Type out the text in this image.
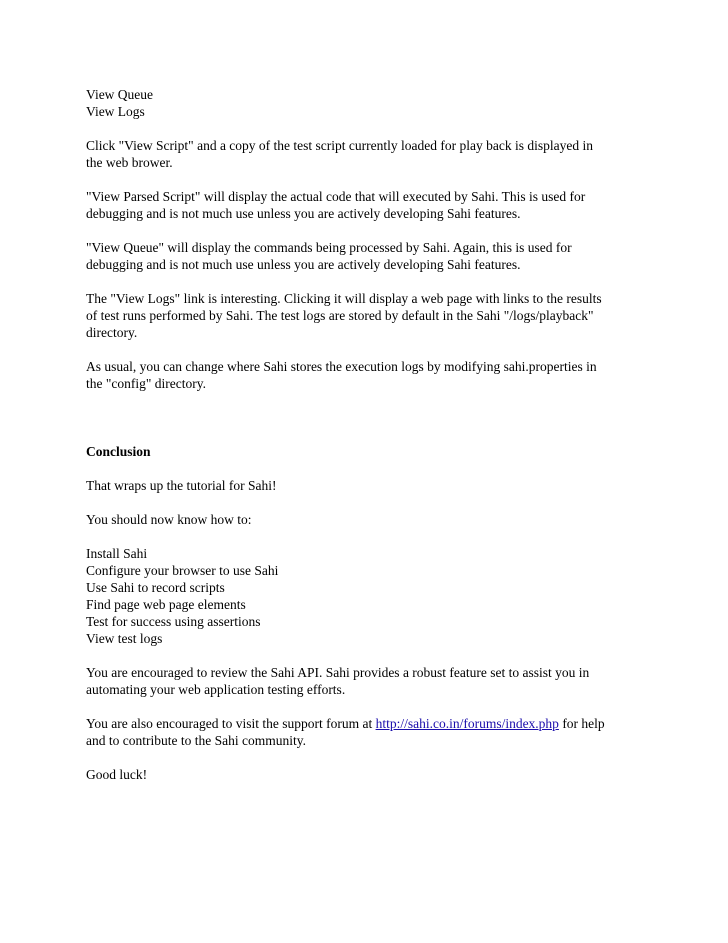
View Queue
View Logs
Click "View Script" and a copy of the test script currently loaded for play back is displayed in
the web brower.
"View Parsed Script" will display the actual code that will executed by Sahi. This is used for
debugging and is not much use unless you are actively developing Sahi features.
"View Queue" will display the commands being processed by Sahi. Again, this is used for
debugging and is not much use unless you are actively developing Sahi features.
The "View Logs" link is interesting. Clicking it will display a web page with links to the results
of test runs performed by Sahi. The test logs are stored by default in the Sahi "/logs/playback"
directory.
As usual, you can change where Sahi stores the execution logs by modifying sahi.properties in
the "config" directory.
Conclusion
That wraps up the tutorial for Sahi!
You should now know how to:
Install Sahi
Configure your browser to use Sahi
Use Sahi to record scripts
Find page web page elements
Test for success using assertions
View test logs
You are encouraged to review the Sahi API. Sahi provides a robust feature set to assist you in
automating your web application testing efforts.
You are also encouraged to visit the support forum at http://sahi.co.in/forums/index.php for help
and to contribute to the Sahi community.
Good luck!
